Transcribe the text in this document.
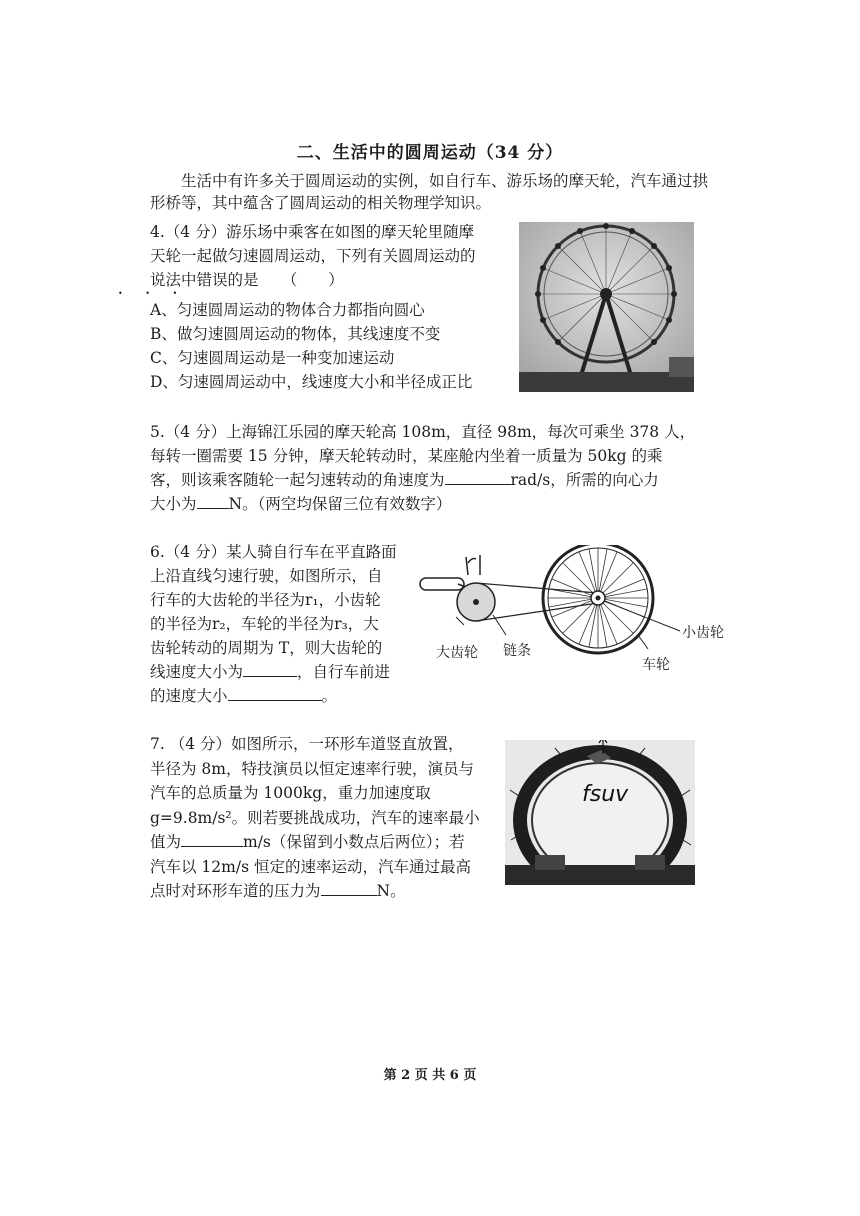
二、生活中的圆周运动（34 分）
生活中有许多关于圆周运动的实例，如自行车、游乐场的摩天轮，汽车通过拱形桥等，其中蕴含了圆周运动的相关物理学知识。
4.（4 分）游乐场中乘客在如图的摩天轮里随摩
天轮一起做匀速圆周运动，下列有关圆周运动的
说法中错误的是　　（　　）
• • •
A、匀速圆周运动的物体合力都指向圆心
B、做匀速圆周运动的物体，其线速度不变
C、匀速圆周运动是一种变加速运动
D、匀速圆周运动中，线速度大小和半径成正比
5.（4 分）上海锦江乐园的摩天轮高 108m，直径 98m，每次可乘坐 378 人，
每转一圈需要 15 分钟，摩天轮转动时，某座舱内坐着一质量为 50kg 的乘
客，则该乘客随轮一起匀速转动的角速度为	rad/s，所需的向心力
大小为 N。（两空均保留三位有效数字）
6.（4 分）某人骑自行车在平直路面
上沿直线匀速行驶，如图所示，自
行车的大齿轮的半径为r₁，小齿轮
的半径为r₂，车轮的半径为r₃，大
齿轮转动的周期为 T，则大齿轮的
线速度大小为	，自行车前进
的速度大小	。
大齿轮 链条
小齿轮
车轮
7. （4 分）如图所示，一环形车道竖直放置，
半径为 8m，特技演员以恒定速率行驶，演员与
汽车的总质量为 1000kg，重力加速度取
g=9.8m/s²。则若要挑战成功，汽车的速率最小
值为	m/s（保留到小数点后两位）；若
汽车以 12m/s 恒定的速率运动，汽车通过最高
点时对环形车道的压力为	N。
fsuv
第 2 页 共 6 页
